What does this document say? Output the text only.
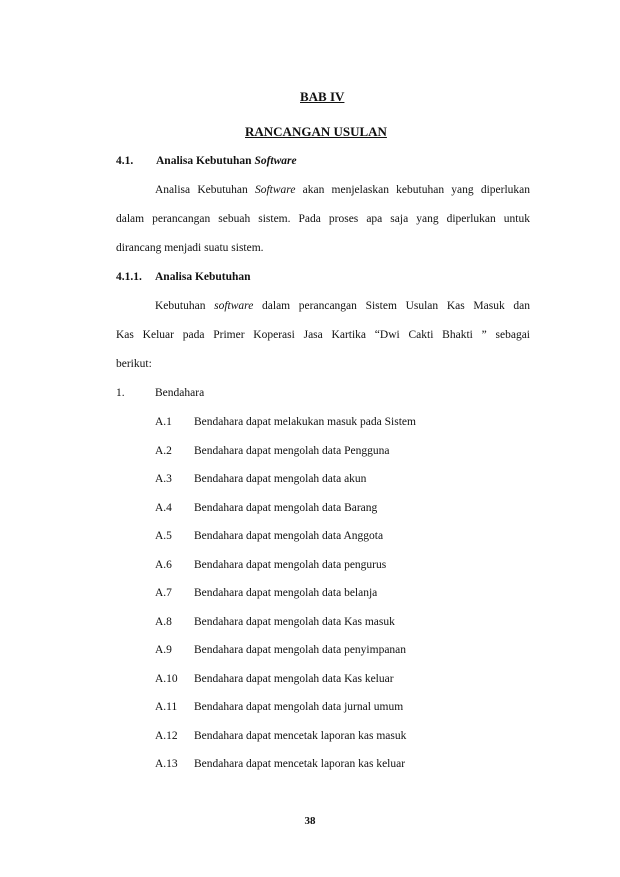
BAB IV
RANCANGAN USULAN
4.1. Analisa Kebutuhan Software
Analisa Kebutuhan Software akan menjelaskan kebutuhan yang diperlukan
dalam perancangan sebuah sistem. Pada proses apa saja yang diperlukan untuk
dirancang menjadi suatu sistem.
4.1.1. Analisa Kebutuhan
Kebutuhan software dalam perancangan Sistem Usulan Kas Masuk dan
Kas Keluar pada Primer Koperasi Jasa Kartika “Dwi Cakti Bhakti ” sebagai
berikut:
1.	Bendahara
A.1 Bendahara dapat melakukan masuk pada Sistem
A.2 Bendahara dapat mengolah data Pengguna
A.3 Bendahara dapat mengolah data akun
A.4 Bendahara dapat mengolah data Barang
A.5 Bendahara dapat mengolah data Anggota
A.6 Bendahara dapat mengolah data pengurus
A.7 Bendahara dapat mengolah data belanja
A.8 Bendahara dapat mengolah data Kas masuk
A.9 Bendahara dapat mengolah data penyimpanan
A.10 Bendahara dapat mengolah data Kas keluar
A.11 Bendahara dapat mengolah data jurnal umum
A.12 Bendahara dapat mencetak laporan kas masuk
A.13 Bendahara dapat mencetak laporan kas keluar
38
